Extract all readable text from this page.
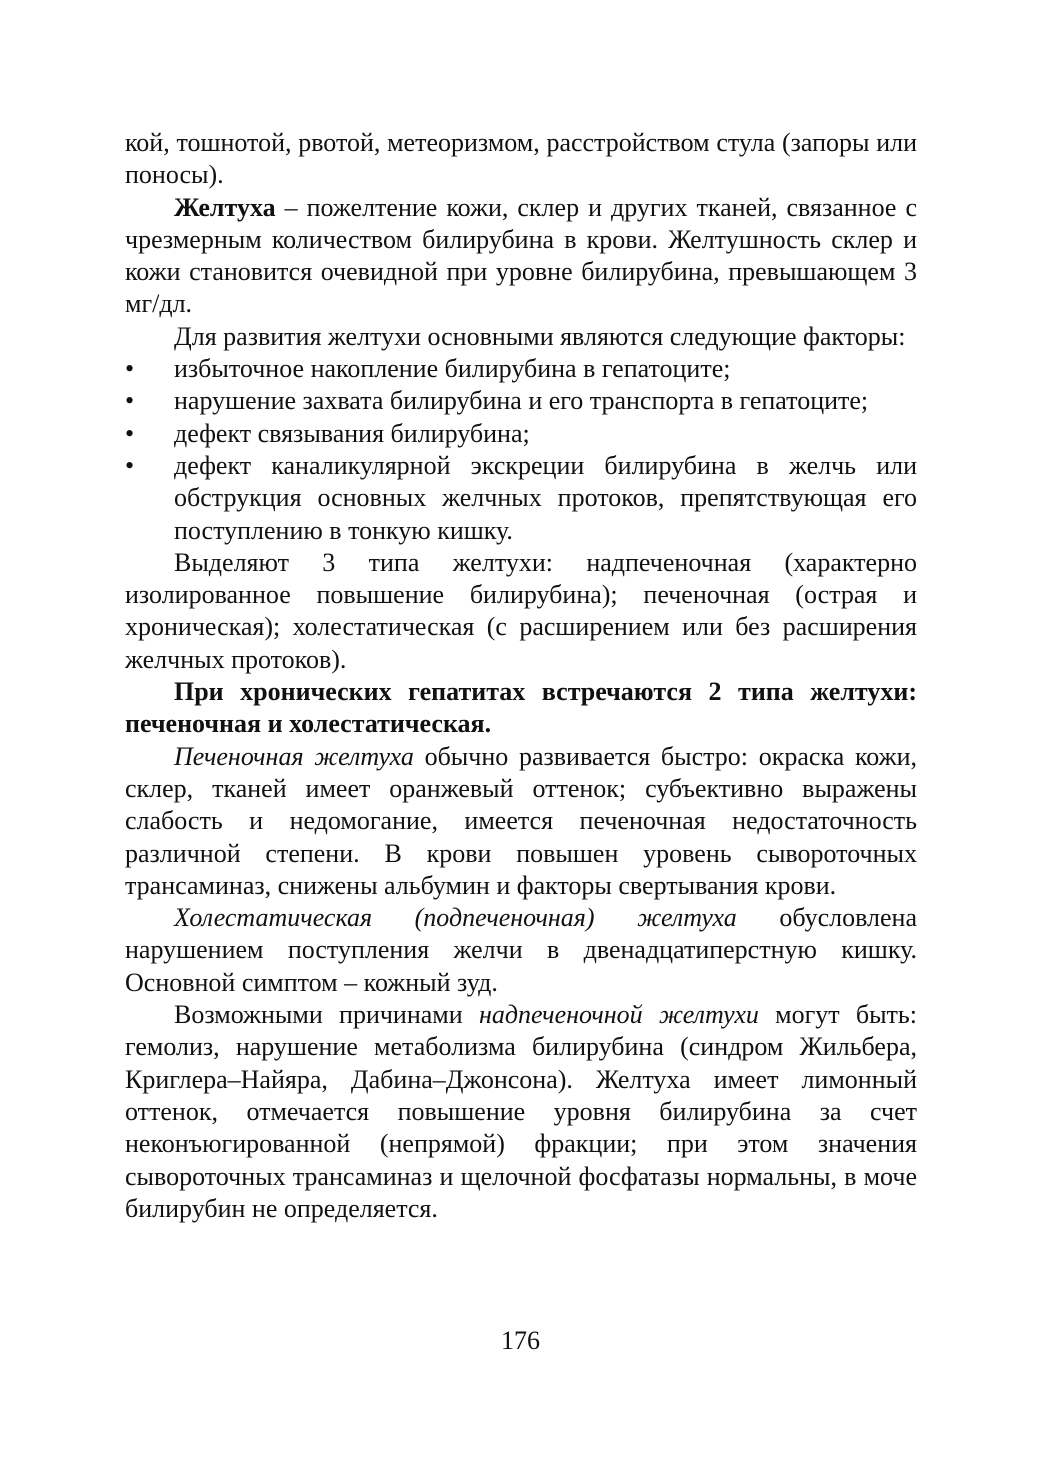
кой, тошнотой, рвотой, метеоризмом, расстройством стула (запоры или поносы).

Желтуха – пожелтение кожи, склер и других тканей, связанное с чрезмерным количеством билирубина в крови. Желтушность склер и кожи становится очевидной при уровне билирубина, превышающем 3 мг/дл.

Для развития желтухи основными являются следующие факторы:

• избыточное накопление билирубина в гепатоците;
• нарушение захвата билирубина и его транспорта в гепатоците;
• дефект связывания билирубина;
• дефект каналикулярной экскреции билирубина в желчь или обструкция основных желчных протоков, препятствующая его поступлению в тонкую кишку.

Выделяют 3 типа желтухи: надпеченочная (характерно изолированное повышение билирубина); печеночная (острая и хроническая); холестатическая (с расширением или без расширения желчных протоков).

При хронических гепатитах встречаются 2 типа желтухи: печеночная и холестатическая.

Печеночная желтуха обычно развивается быстро: окраска кожи, склер, тканей имеет оранжевый оттенок; субъективно выражены слабость и недомогание, имеется печеночная недостаточность различной степени. В крови повышен уровень сывороточных трансаминаз, снижены альбумин и факторы свертывания крови.

Холестатическая (подпеченочная) желтуха обусловлена нарушением поступления желчи в двенадцатиперстную кишку. Основной симптом – кожный зуд.

Возможными причинами надпеченочной желтухи могут быть: гемолиз, нарушение метаболизма билирубина (синдром Жильбера, Криглера–Найяра, Дабина–Джонсона). Желтуха имеет лимонный оттенок, отмечается повышение уровня билирубина за счет неконъюгированной (непрямой) фракции; при этом значения сывороточных трансаминаз и щелочной фосфатазы нормальны, в моче билирубин не определяется.

176
